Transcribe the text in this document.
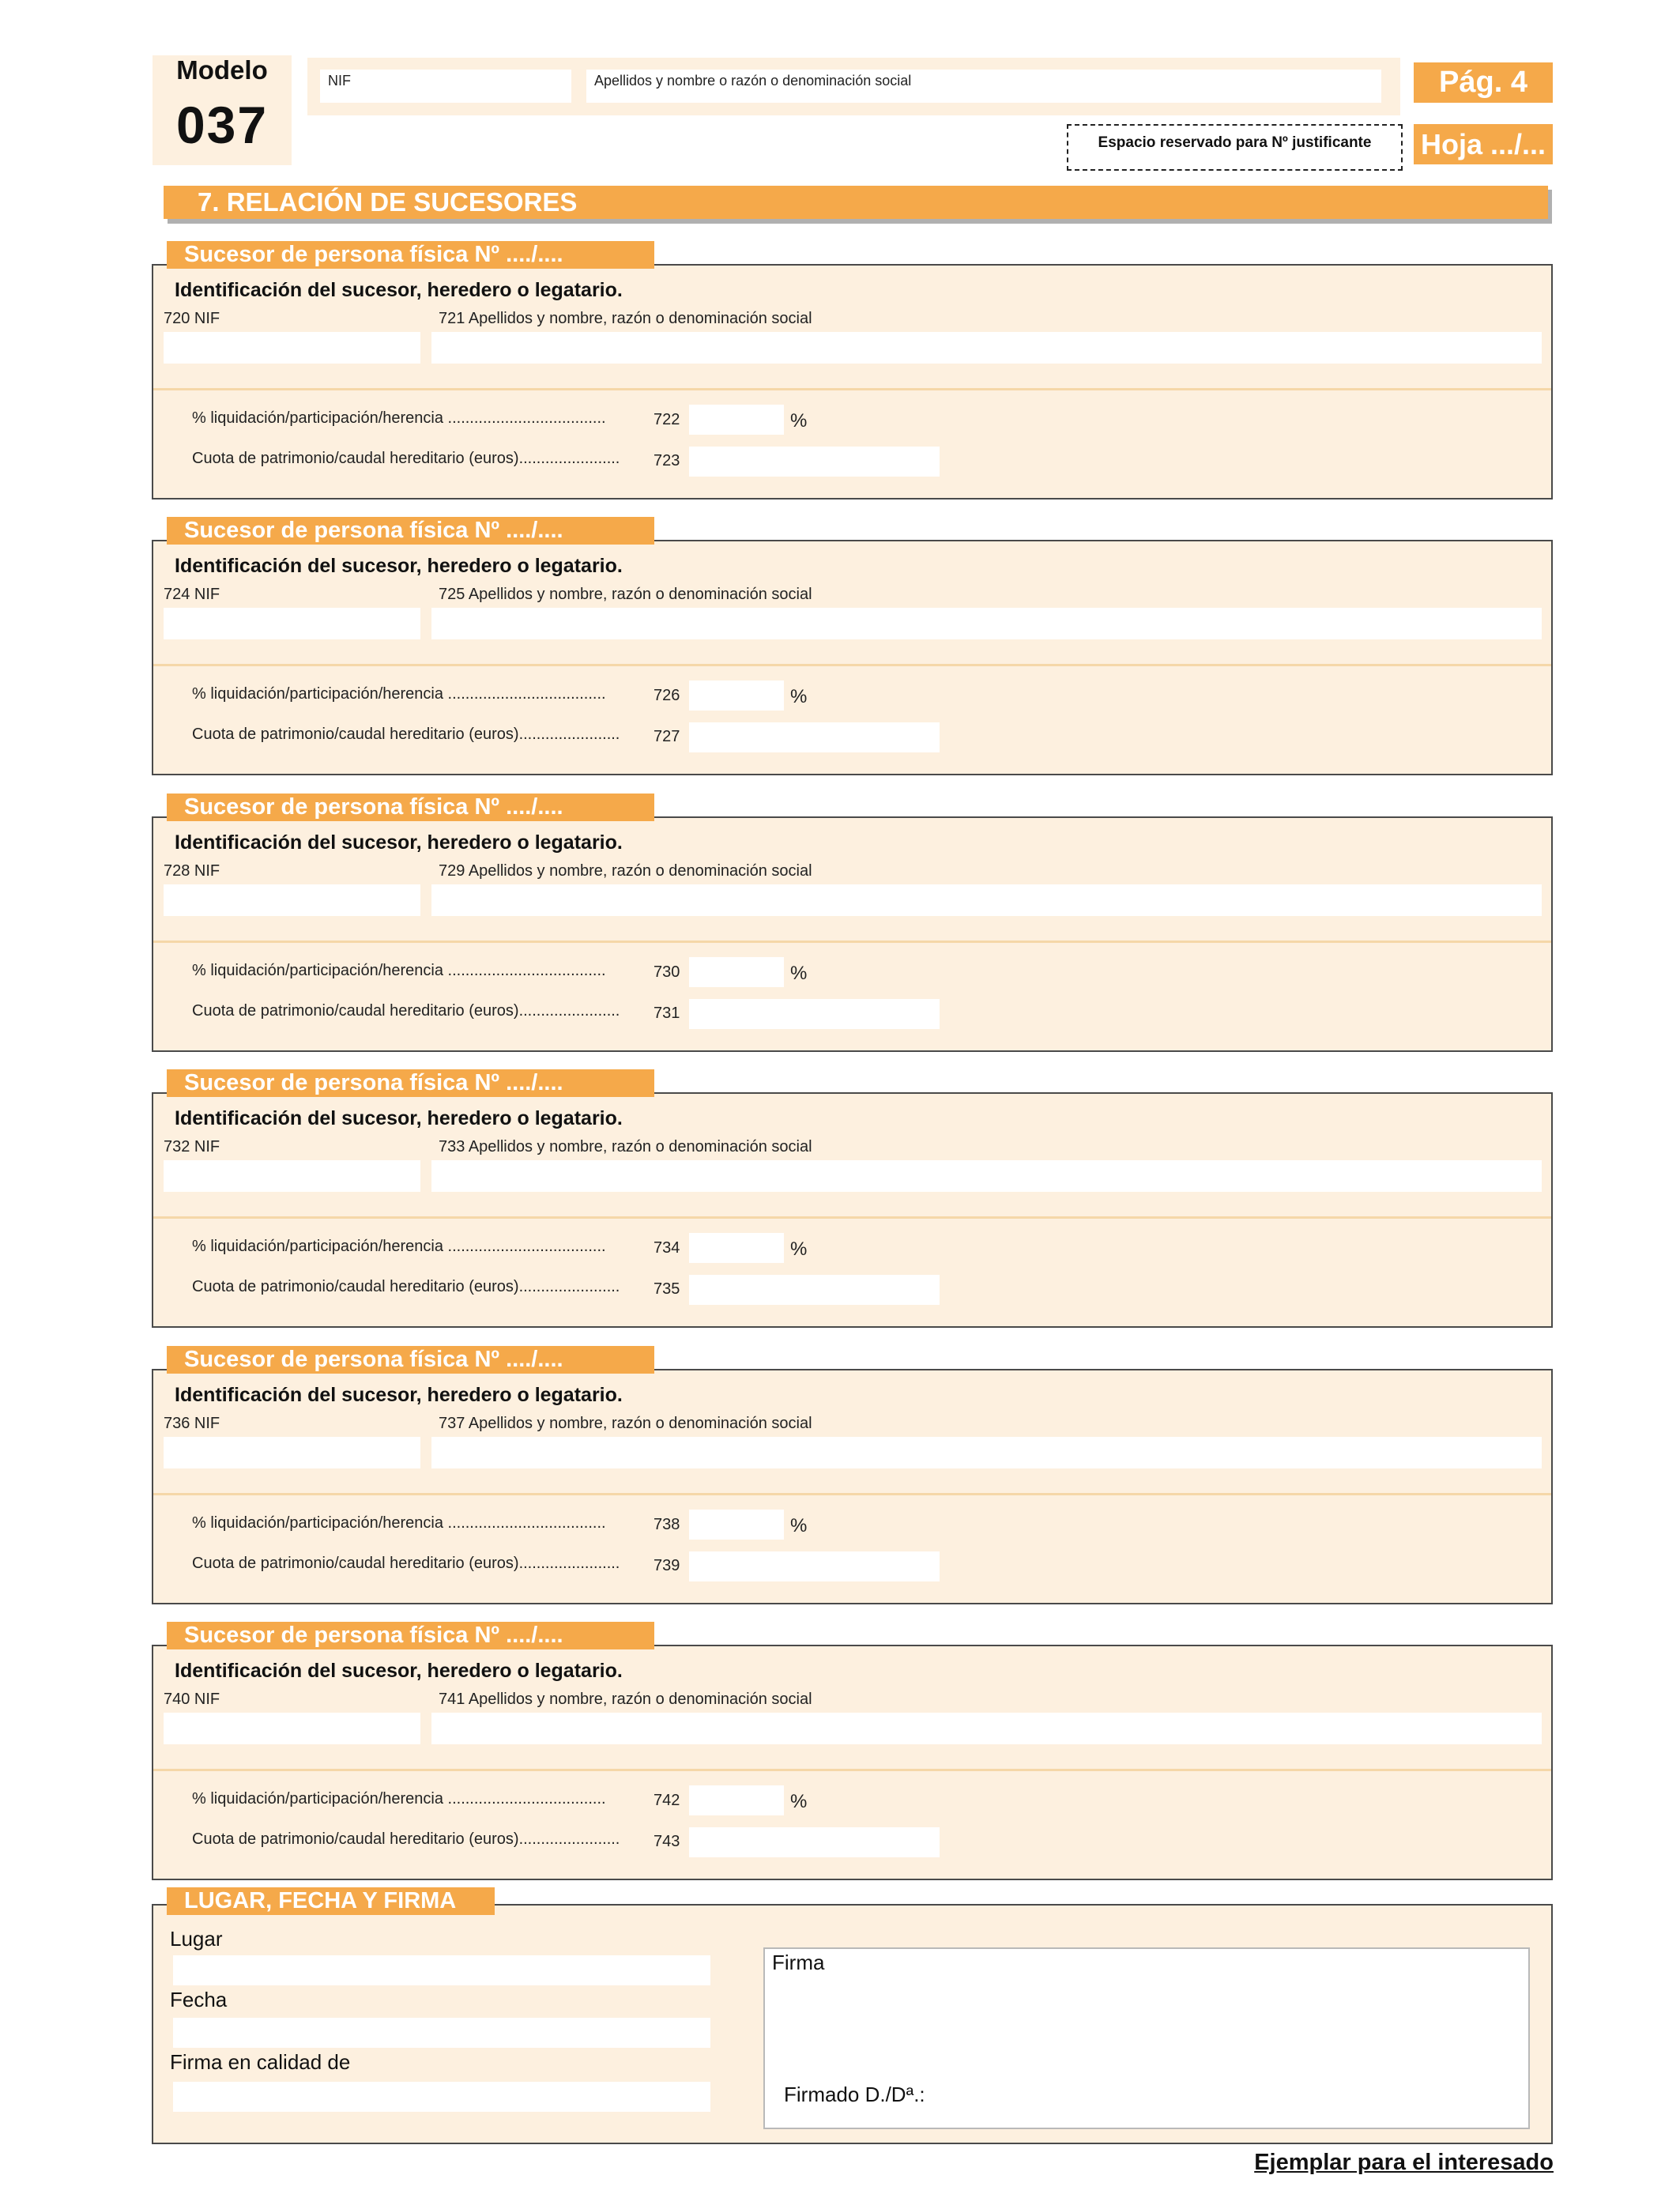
Modelo
037
NIF	Apellidos y nombre o razón o denominación social	Pág. 4
Espacio reservado para Nº justificante	Hoja .../...
7. RELACIÓN DE SUCESORES
Sucesor de persona física Nº ..../....
Identificación del sucesor, heredero o legatario.
720 NIF	721 Apellidos y nombre, razón o denominación social
% liquidación/participación/herencia ....................................	722	%
Cuota de patrimonio/caudal hereditario (euros)....................... 723
Sucesor de persona física Nº ..../....
Identificación del sucesor, heredero o legatario.
724 NIF	725 Apellidos y nombre, razón o denominación social
% liquidación/participación/herencia ....................................	726	%
Cuota de patrimonio/caudal hereditario (euros)....................... 727
Sucesor de persona física Nº ..../....
Identificación del sucesor, heredero o legatario.
728 NIF	729 Apellidos y nombre, razón o denominación social
% liquidación/participación/herencia ....................................	730	%
Cuota de patrimonio/caudal hereditario (euros)....................... 731
Sucesor de persona física Nº ..../....
Identificación del sucesor, heredero o legatario.
732 NIF	733 Apellidos y nombre, razón o denominación social
% liquidación/participación/herencia ....................................	734	%
Cuota de patrimonio/caudal hereditario (euros)....................... 735
Sucesor de persona física Nº ..../....
Identificación del sucesor, heredero o legatario.
736 NIF	737 Apellidos y nombre, razón o denominación social
% liquidación/participación/herencia ....................................	738	%
Cuota de patrimonio/caudal hereditario (euros)....................... 739
Sucesor de persona física Nº ..../....
Identificación del sucesor, heredero o legatario.
740 NIF	741 Apellidos y nombre, razón o denominación social
% liquidación/participación/herencia ....................................	742	%
Cuota de patrimonio/caudal hereditario (euros)....................... 743
LUGAR, FECHA Y FIRMA
Lugar
Fecha
Firma en calidad de
Firma
Firmado D./Dª.:
Ejemplar para el interesado
